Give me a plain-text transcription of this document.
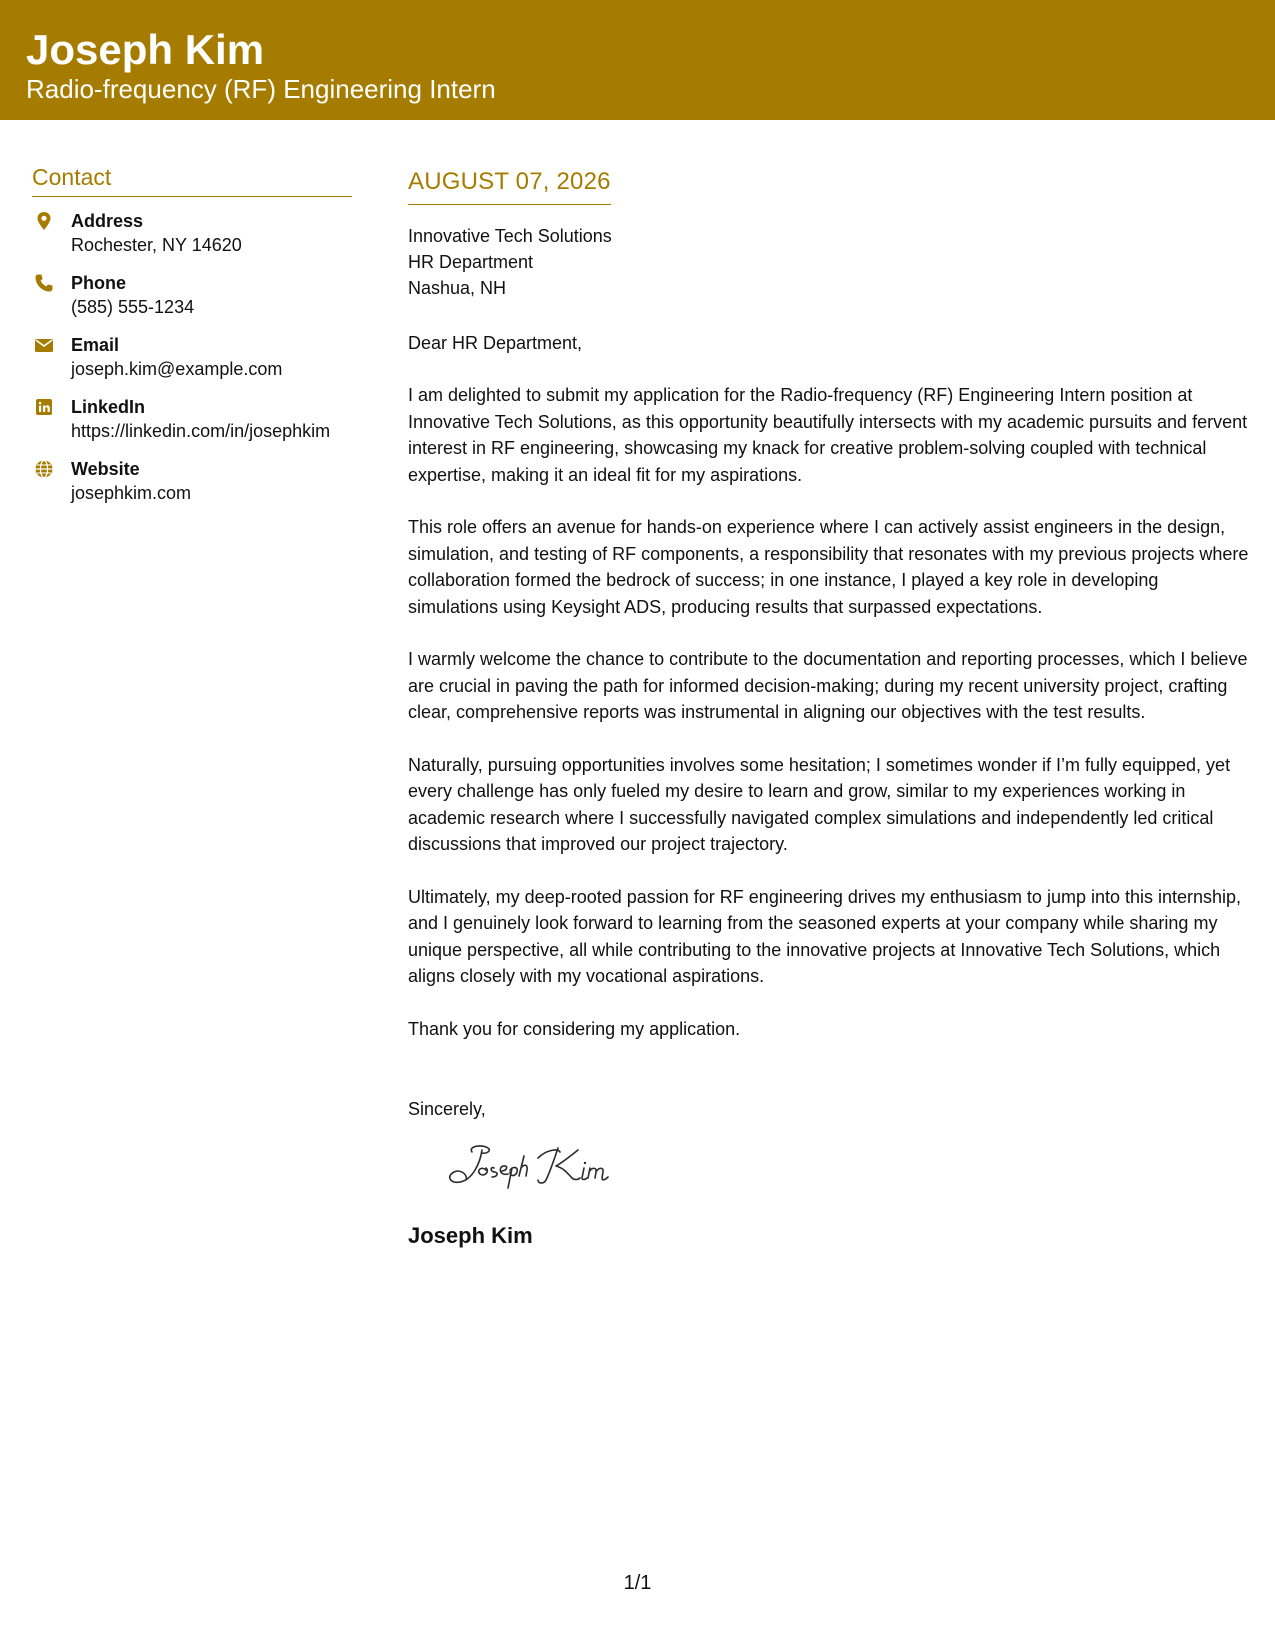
Joseph Kim
Radio-frequency (RF) Engineering Intern
Contact
Address
Rochester, NY 14620
Phone
(585) 555-1234
Email
joseph.kim@example.com
LinkedIn
https://linkedin.com/in/josephkim
Website
josephkim.com
AUGUST 07, 2026
Innovative Tech Solutions
HR Department
Nashua, NH
Dear HR Department,
I am delighted to submit my application for the Radio-frequency (RF) Engineering Intern position at Innovative Tech Solutions, as this opportunity beautifully intersects with my academic pursuits and fervent interest in RF engineering, showcasing my knack for creative problem-solving coupled with technical expertise, making it an ideal fit for my aspirations.
This role offers an avenue for hands-on experience where I can actively assist engineers in the design, simulation, and testing of RF components, a responsibility that resonates with my previous projects where collaboration formed the bedrock of success; in one instance, I played a key role in developing simulations using Keysight ADS, producing results that surpassed expectations.
I warmly welcome the chance to contribute to the documentation and reporting processes, which I believe are crucial in paving the path for informed decision-making; during my recent university project, crafting clear, comprehensive reports was instrumental in aligning our objectives with the test results.
Naturally, pursuing opportunities involves some hesitation; I sometimes wonder if I’m fully equipped, yet every challenge has only fueled my desire to learn and grow, similar to my experiences working in academic research where I successfully navigated complex simulations and independently led critical discussions that improved our project trajectory.
Ultimately, my deep-rooted passion for RF engineering drives my enthusiasm to jump into this internship, and I genuinely look forward to learning from the seasoned experts at your company while sharing my unique perspective, all while contributing to the innovative projects at Innovative Tech Solutions, which aligns closely with my vocational aspirations.
Thank you for considering my application.
Sincerely,
Joseph Kim
1/1
